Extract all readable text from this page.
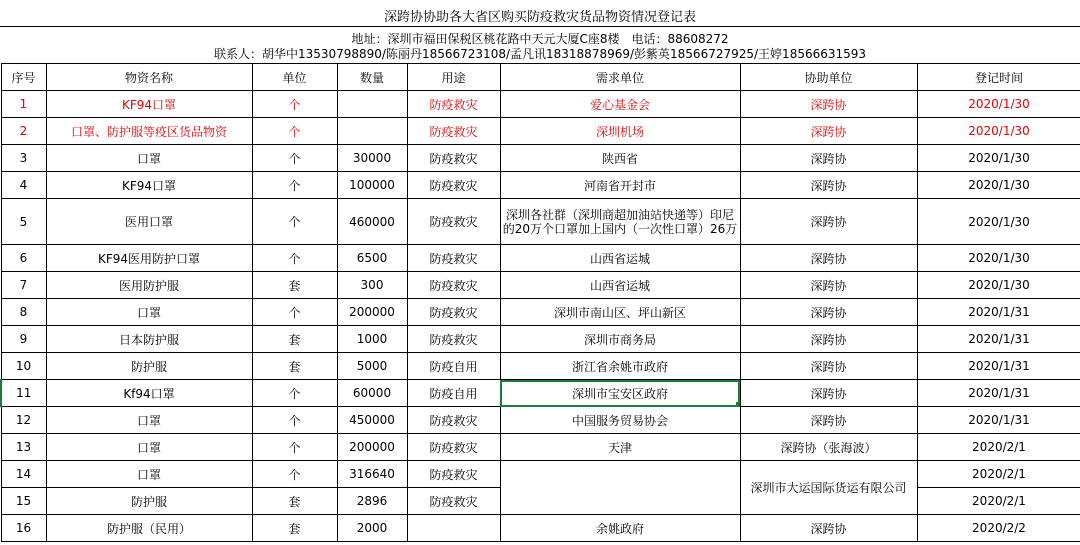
深跨协协助各大省区购买防疫救灾货品物资情况登记表
地址：深圳市福田保税区桃花路中天元大厦C座8楼　电话：88608272
联系人：胡华中13530798890/陈丽丹18566723108/孟凡讯18318878969/彭紫英18566727925/王婷18566631593
序号	物资名称	单位	数量	用途	需求单位	协助单位	登记时间
1	KF94口罩	个		防疫救灾	爱心基金会	深跨协	2020/1/30
2	口罩、防护服等疫区货品物资	个		防疫救灾	深圳机场	深跨协	2020/1/30
3	口罩	个	30000	防疫救灾	陕西省	深跨协	2020/1/30
4	KF94口罩	个	100000	防疫救灾	河南省开封市	深跨协	2020/1/30
5	医用口罩	个	460000	防疫救灾	深圳各社群（深圳商超加油站快递等）印尼的20万个口罩加上国内（一次性口罩）26万	深跨协	2020/1/30
6	KF94医用防护口罩	个	6500	防疫救灾	山西省运城	深跨协	2020/1/30
7	医用防护服	套	300	防疫救灾	山西省运城	深跨协	2020/1/30
8	口罩	个	200000	防疫救灾	深圳市南山区、坪山新区	深跨协	2020/1/31
9	日本防护服	套	1000	防疫救灾	深圳市商务局	深跨协	2020/1/31
10	防护服	套	5000	防疫自用	浙江省余姚市政府	深跨协	2020/1/31
11	Kf94口罩	个	60000	防疫自用	深圳市宝安区政府	深跨协	2020/1/31
12	口罩	个	450000	防疫救灾	中国服务贸易协会	深跨协	2020/1/31
13	口罩	个	200000	防疫救灾	天津	深跨协（张海波）	2020/2/1
14	口罩	个	316640	防疫救灾		深圳市大运国际货运有限公司	2020/2/1
15	防护服	套	2896	防疫救灾			2020/2/1
16	防护服（民用）	套	2000		余姚政府	深跨协	2020/2/2
